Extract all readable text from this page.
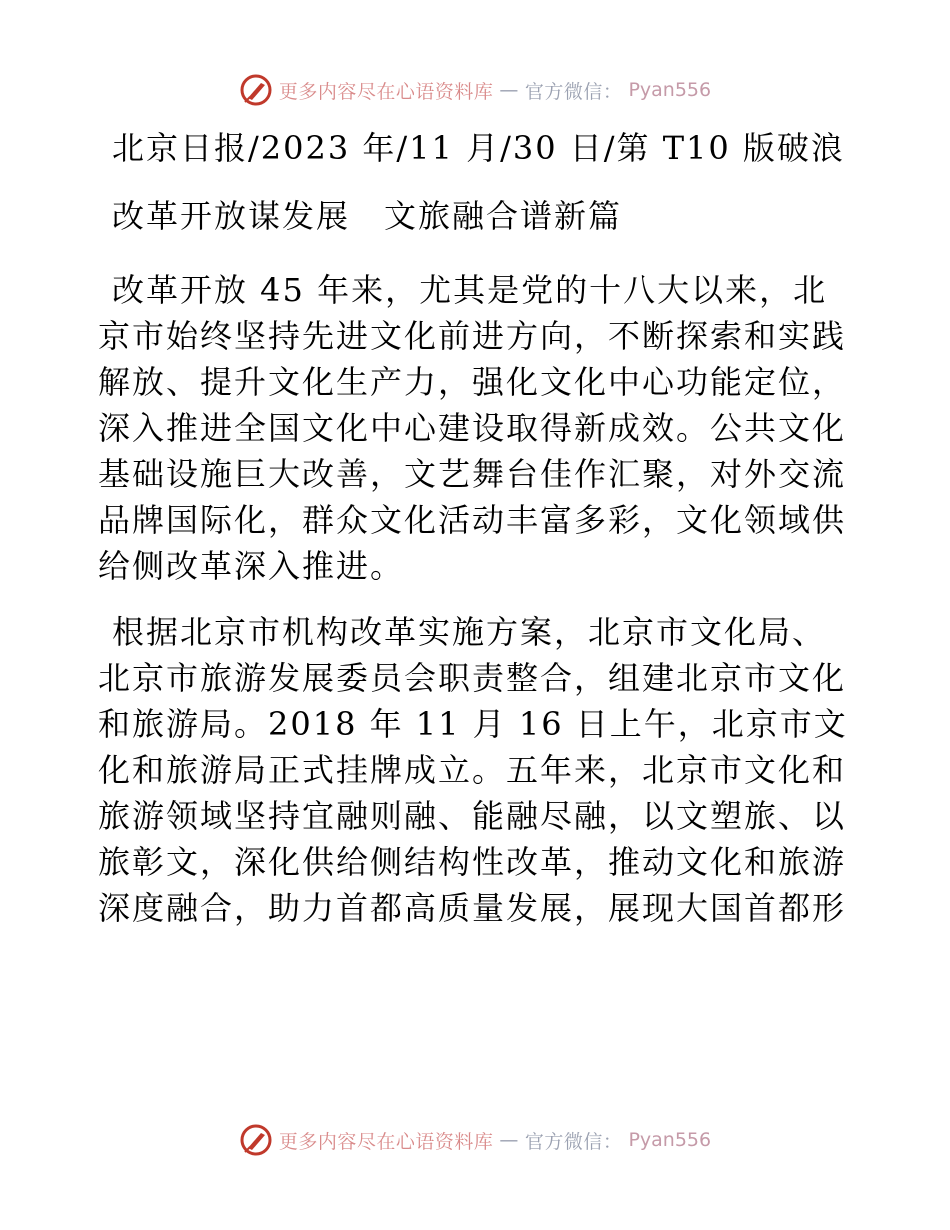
更多内容尽在心语资料库 — 官方微信： Pyan556
北京日报/2023 年/11 月/30 日/第 T10 版破浪
改革开放谋发展　文旅融合谱新篇
改革开放 45 年来，尤其是党的十八大以来，北
京市始终坚持先进文化前进方向，不断探索和实践
解放、提升文化生产力，强化文化中心功能定位，
深入推进全国文化中心建设取得新成效。公共文化
基础设施巨大改善，文艺舞台佳作汇聚，对外交流
品牌国际化，群众文化活动丰富多彩，文化领域供
给侧改革深入推进。
根据北京市机构改革实施方案，北京市文化局、
北京市旅游发展委员会职责整合，组建北京市文化
和旅游局。2018 年 11 月 16 日上午，北京市文
化和旅游局正式挂牌成立。五年来，北京市文化和
旅游领域坚持宜融则融、能融尽融，以文塑旅、以
旅彰文，深化供给侧结构性改革，推动文化和旅游
深度融合，助力首都高质量发展，展现大国首都形
更多内容尽在心语资料库 — 官方微信： Pyan556
